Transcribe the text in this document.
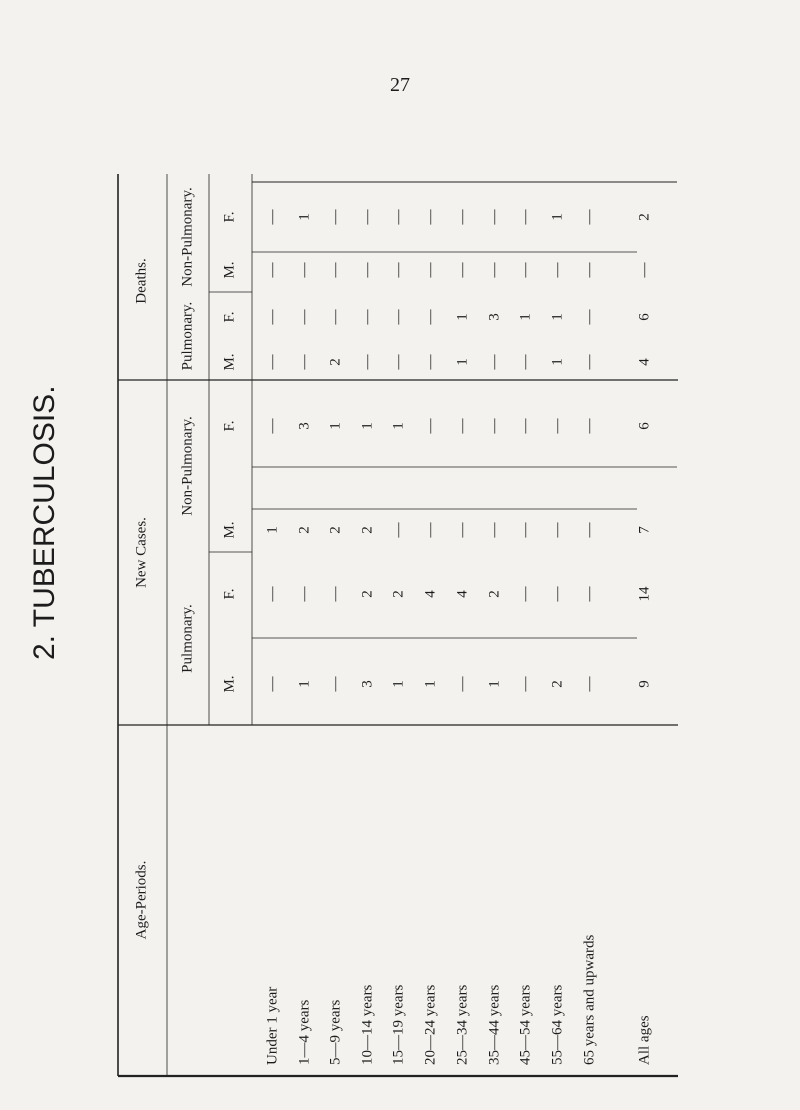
27
2. TUBERCULOSIS.
Age-Periods.
New Cases.
Pulmonary.
M.
F.
Non-Pulmonary.
M.
F.
Deaths.
Pulmonary. M.
F.
Non-Pulmonary. M.
F.
Under 1 year
—
—
1
—
—
—
—
—
1—4 years
1
—
2
3
—
—
—
1
5—9 years
—
—
2
1
2
—
—
—
10—14 years
3
2
2
1
—
—
—
—
15—19 years
1
2
—
1
—
—
—
—
20—24 years
1
4
—
—
—
—
—
—
25—34 years
—
4
—
—
1
1
—
—
35—44 years
1
2
—
—
—
3
—
—
45—54 years
—
—
—
—
—
1
—
—
55—64 years
2
—
—
—
1
1
—
1
65 years and upwards
—
—
—
—
—
—
—
—
All ages
9
14
7
6
4
6
—
2
